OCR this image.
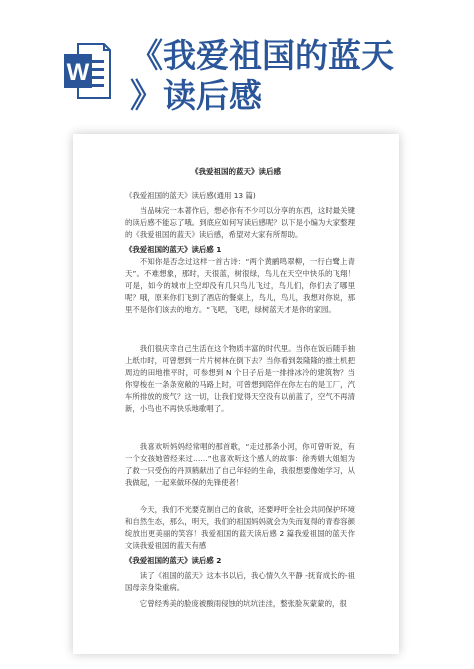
W 《我爱祖国的蓝天
》读后感
《我爱祖国的蓝天》读后感
《我爱祖国的蓝天》读后感(通用 13 篇)
当品味完一本著作后，想必你有不少可以分享的东西，这时最关键的读后感不能忘了哦。到底应如何写读后感呢？以下是小编为大家整理的《我爱祖国的蓝天》读后感，希望对大家有所帮助。
《我爱祖国的蓝天》读后感 1
不知你是否念过这样一首古诗：“两个黄鹂鸣翠柳，一行白鹭上青天”。不难想象，那时，天很蓝，树很绿，鸟儿在天空中快乐的飞翔！可是，如今的城市上空却没有几只鸟儿飞过，鸟儿们，你们去了哪里呢？哦，原来你们飞到了酒店的餐桌上，鸟儿，鸟儿，我想对你说，那里不是你们该去的地方。“飞吧，飞吧，绿树蓝天才是你的家园。
我们很庆幸自己生活在这个物质丰富的时代里。当你在饭后随手抽上纸巾时，可曾想到一片片树林在倒下去？当你看到轰隆隆的推土机把周边的田地推平时，可参想到 N 个日子后是一排排冰冷的建筑物？当你穿梭在一条条宽敞的马路上时，可曾想到陪伴在你左右的是工厂，汽车所排放的废气？这一切，让我们觉得天空没有以前蓝了，空气不再清新，小鸟也不再快乐地歌唱了。
我喜欢听妈妈经常唱的那首歌，“走过那条小河，你可曾听说，有一个女孩她曾经来过……”也喜欢听这个感人的故事：徐秀娟大姐姐为了救一只受伤的丹顶鹤献出了自己年轻的生命，我很想要像她学习，从我做起，一起来做环保的先锋使者！
今天，我们不光要克制自己的食欲，还要呼吁全社会共同保护环境和自然生态，那么，明天，我们的祖国妈妈就会为失而复得的青春容颜绽放出更美丽的笑容！我爱祖国的蓝天读后感 2 篇我爱祖国的蓝天作文读我爱祖国的蓝天有感
《我爱祖国的蓝天》读后感 2
读了《祖国的蓝天》这本书以后，我心情久久平静 -抚育成长的-祖国母亲身染重病。
它曾经秀美的脸庞被酸雨侵蚀的坑坑洼洼，整张脸灰蒙蒙的，很
